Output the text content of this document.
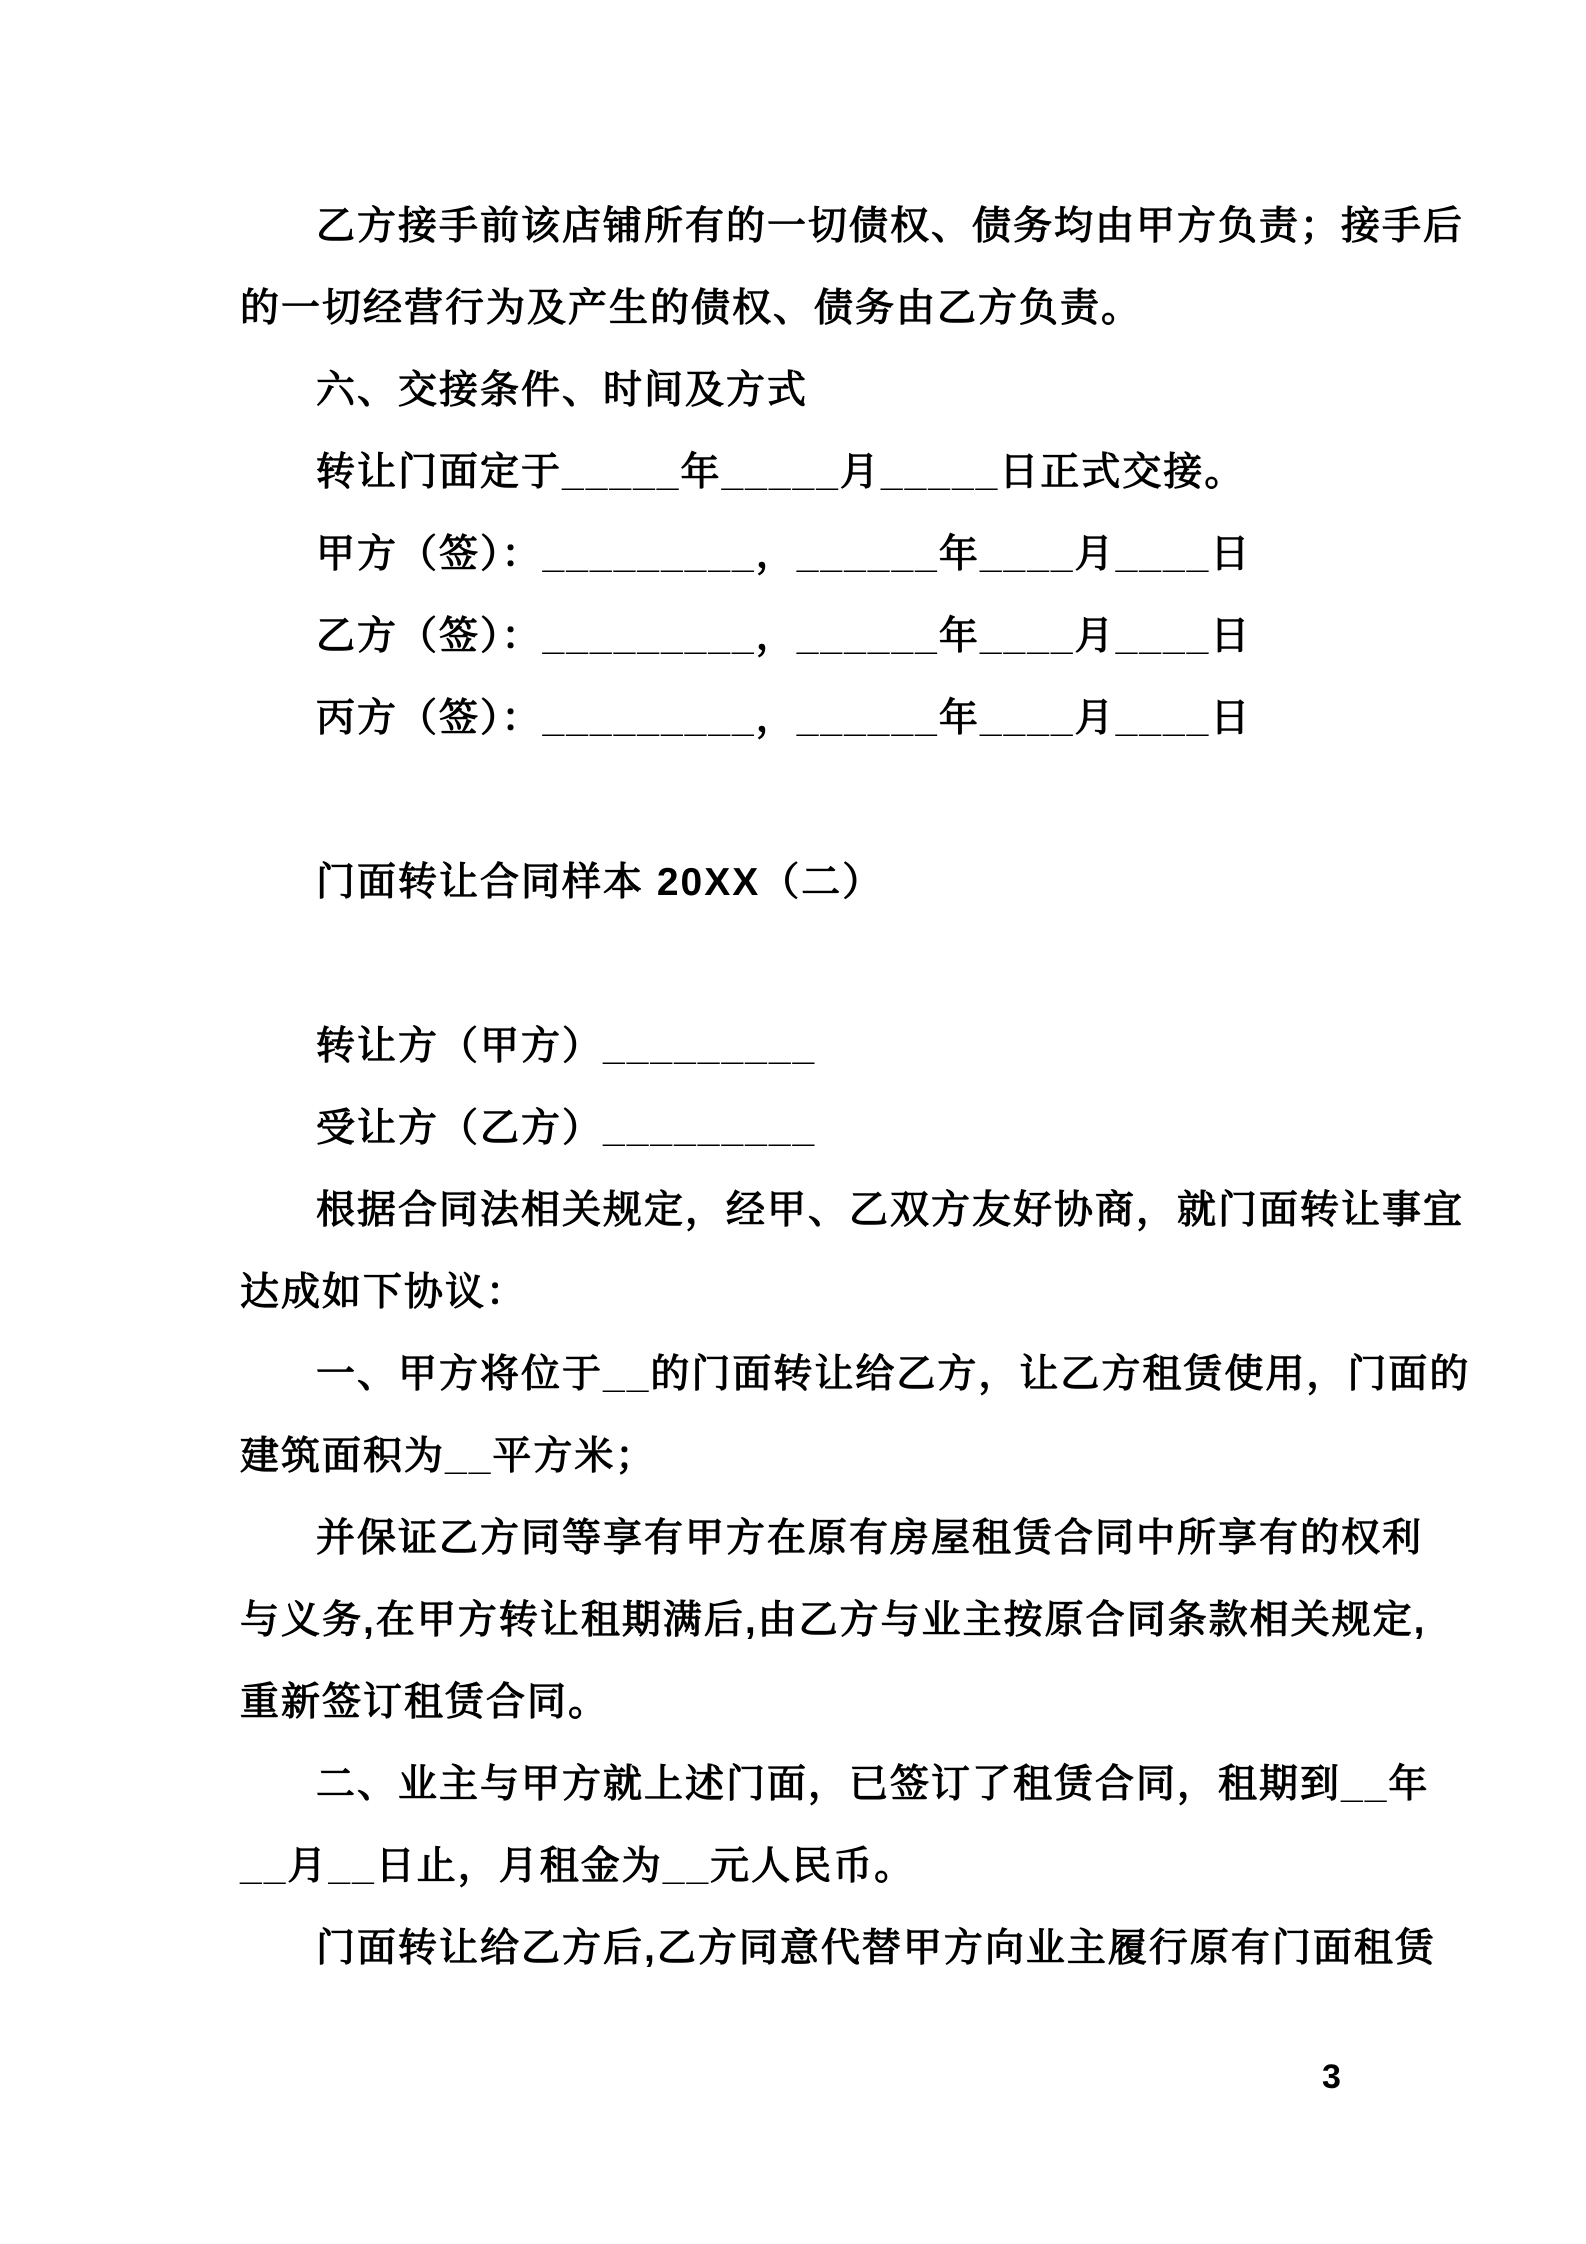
乙方接手前该店铺所有的一切债权、债务均由甲方负责；接手后
的一切经营行为及产生的债权、债务由乙方负责。
六、交接条件、时间及方式
转让门面定于_____年_____月_____日正式交接。
甲方（签）：_________，______年____月____日
乙方（签）：_________，______年____月____日
丙方（签）：_________，______年____月____日
门面转让合同样本 20XX（二）
转让方（甲方）_________
受让方（乙方）_________
根据合同法相关规定，经甲、乙双方友好协商，就门面转让事宜
达成如下协议：
一、甲方将位于__的门面转让给乙方，让乙方租赁使用，门面的
建筑面积为__平方米；
并保证乙方同等享有甲方在原有房屋租赁合同中所享有的权利
与义务,在甲方转让租期满后,由乙方与业主按原合同条款相关规定,
重新签订租赁合同。
二、业主与甲方就上述门面，已签订了租赁合同，租期到__年
__月__日止，月租金为__元人民币。
门面转让给乙方后,乙方同意代替甲方向业主履行原有门面租赁
3
